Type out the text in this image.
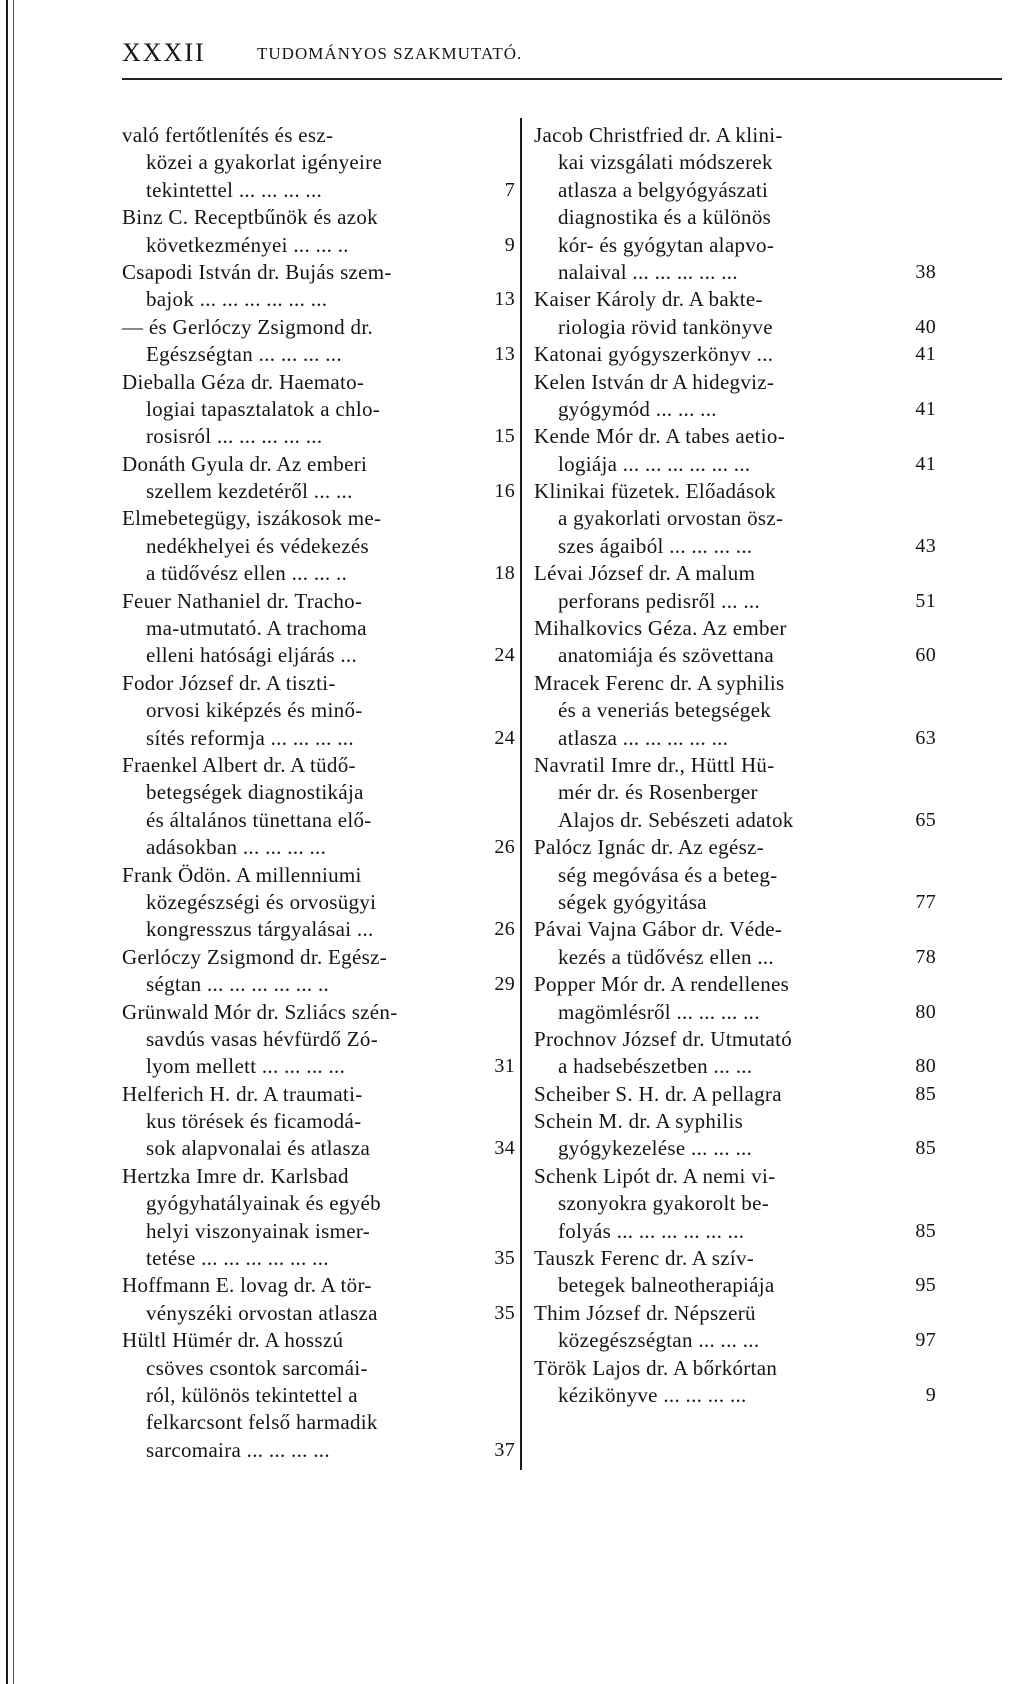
XXXII	TUDOMÁNYOS SZAKMUTATÓ.
való fertőtlenítés és esz-
közei a gyakorlat igényeire
tekintettel ... ... ... ...	7
Binz C. Receptbűnök és azok
következményei ... ... ..	9
Csapodi István dr. Bujás szem-
bajok ... ... ... ... ... ...	13
— és Gerlóczy Zsigmond dr.
Egészségtan ... ... ... ...	13
Dieballa Géza dr. Haemato-
logiai tapasztalatok a chlo-
rosisról ... ... ... ... ...	15
Donáth Gyula dr. Az emberi
szellem kezdetéről ... ...	16
Elmebetegügy, iszákosok me-
nedékhelyei és védekezés
a tüdővész ellen ... ... ..	18
Feuer Nathaniel dr. Tracho-
ma-utmutató. A trachoma
elleni hatósági eljárás ...	24
Fodor József dr. A tiszti-
orvosi kiképzés és minő-
sítés reformja ... ... ... ...	24
Fraenkel Albert dr. A tüdő-
betegségek diagnostikája
és általános tünettana elő-
adásokban ... ... ... ...	26
Frank Ödön. A millenniumi
közegészségi és orvosügyi
kongresszus tárgyalásai ...	26
Gerlóczy Zsigmond dr. Egész-
ségtan ... ... ... ... ... ..	29
Grünwald Mór dr. Szliács szén-
savdús vasas hévfürdő Zó-
lyom mellett ... ... ... ...	31
Helferich H. dr. A traumati-
kus törések és ficamodá-
sok alapvonalai és atlasza	34
Hertzka Imre dr. Karlsbad
gyógyhatályainak és egyéb
helyi viszonyainak ismer-
tetése ... ... ... ... ... ...	35
Hoffmann E. lovag dr. A tör-
vényszéki orvostan atlasza	35
Hültl Hümér dr. A hosszú
csöves csontok sarcomái-
ról, különös tekintettel a
felkarcsont felső harmadik
sarcomaira ... ... ... ...	37
Jacob Christfried dr. A klini-
kai vizsgálati módszerek
atlasza a belgyógyászati
diagnostika és a különös
kór- és gyógytan alapvo-
nalaival ... ... ... ... ...	38
Kaiser Károly dr. A bakte-
riologia rövid tankönyve	40
Katonai gyógyszerkönyv ...	41
Kelen István dr A hidegviz-
gyógymód ... ... ...	41
Kende Mór dr. A tabes aetio-
logiája ... ... ... ... ... ...	41
Klinikai füzetek. Előadások
a gyakorlati orvostan ösz-
szes ágaiból ... ... ... ...	43
Lévai József dr. A malum
perforans pedisről ... ...	51
Mihalkovics Géza. Az ember
anatomiája és szövettana	60
Mracek Ferenc dr. A syphilis
és a veneriás betegségek
atlasza ... ... ... ... ...	63
Navratil Imre dr., Hüttl Hü-
mér dr. és Rosenberger
Alajos dr. Sebészeti adatok	65
Palócz Ignác dr. Az egész-
ség megóvása és a beteg-
ségek gyógyitása	77
Pávai Vajna Gábor dr. Véde-
kezés a tüdővész ellen ...	78
Popper Mór dr. A rendellenes
magömlésről ... ... ... ...	80
Prochnov József dr. Utmutató
a hadsebészetben ... ...	80
Scheiber S. H. dr. A pellagra	85
Schein M. dr. A syphilis
gyógykezelése ... ... ...	85
Schenk Lipót dr. A nemi vi-
szonyokra gyakorolt be-
folyás ... ... ... ... ... ...	85
Tauszk Ferenc dr. A szív-
betegek balneotherapiája	95
Thim József dr. Népszerü
közegészségtan ... ... ...	97
Török Lajos dr. A bőrkórtan
kézikönyve ... ... ... ...	9
